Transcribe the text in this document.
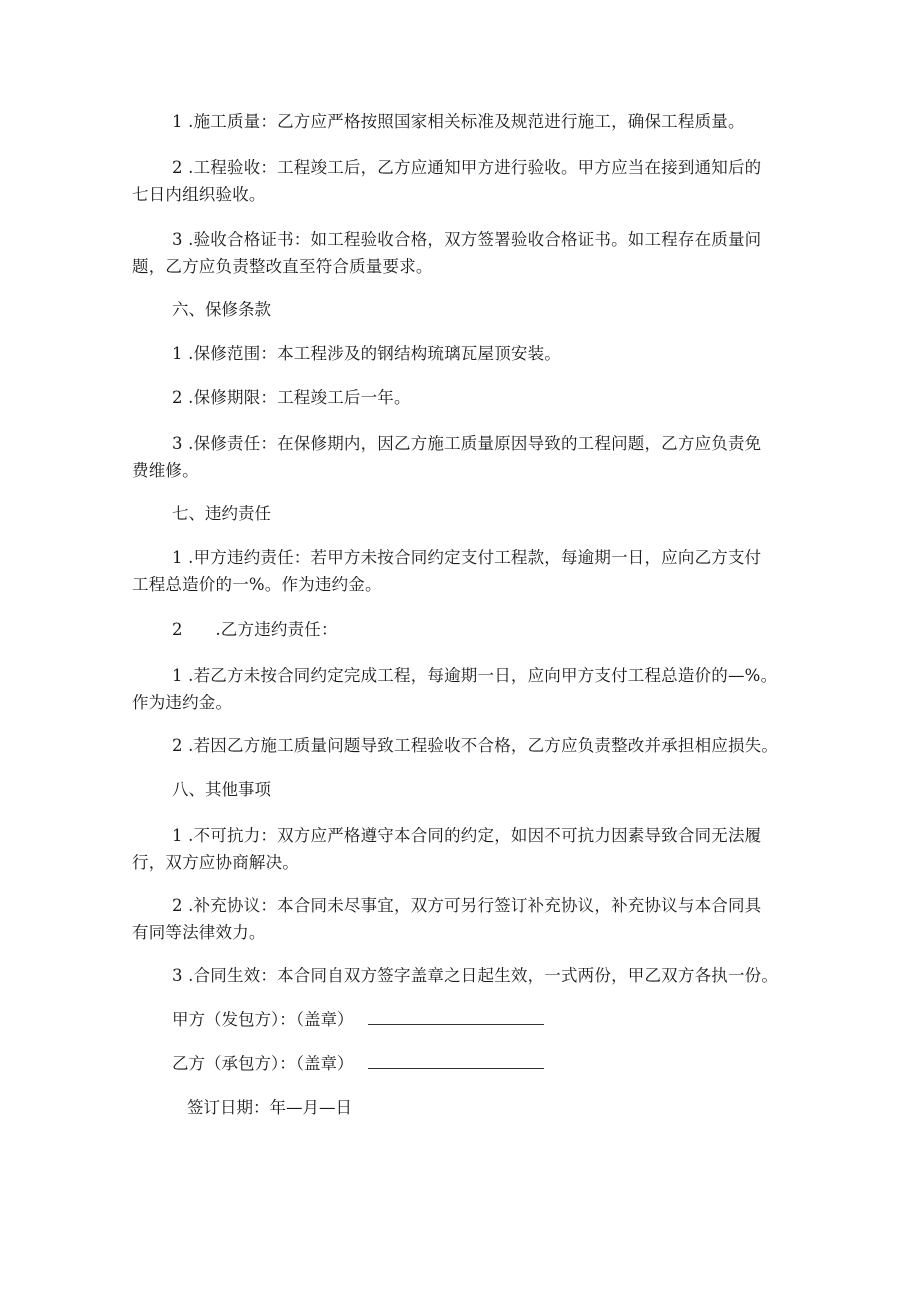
1 .施工质量：乙方应严格按照国家相关标准及规范进行施工，确保工程质量。
2 .工程验收：工程竣工后，乙方应通知甲方进行验收。甲方应当在接到通知后的
七日内组织验收。
3 .验收合格证书：如工程验收合格，双方签署验收合格证书。如工程存在质量问
题，乙方应负责整改直至符合质量要求。
六、保修条款
1 .保修范围：本工程涉及的钢结构琉璃瓦屋顶安装。
2 .保修期限：工程竣工后一年。
3 .保修责任：在保修期内，因乙方施工质量原因导致的工程问题，乙方应负责免
费维修。
七、违约责任
1 .甲方违约责任：若甲方未按合同约定支付工程款，每逾期一日，应向乙方支付
工程总造价的一%。作为违约金。
2      .乙方违约责任：
1 .若乙方未按合同约定完成工程，每逾期一日，应向甲方支付工程总造价的—%。
作为违约金。
2 .若因乙方施工质量问题导致工程验收不合格，乙方应负责整改并承担相应损失。
八、其他事项
1 .不可抗力：双方应严格遵守本合同的约定，如因不可抗力因素导致合同无法履
行，双方应协商解决。
2 .补充协议：本合同未尽事宜，双方可另行签订补充协议，补充协议与本合同具
有同等法律效力。
3 .合同生效：本合同自双方签字盖章之日起生效，一式两份，甲乙双方各执一份。
甲方（发包方）：（盖章）
乙方（承包方）：（盖章）
签订日期：年—月—日
